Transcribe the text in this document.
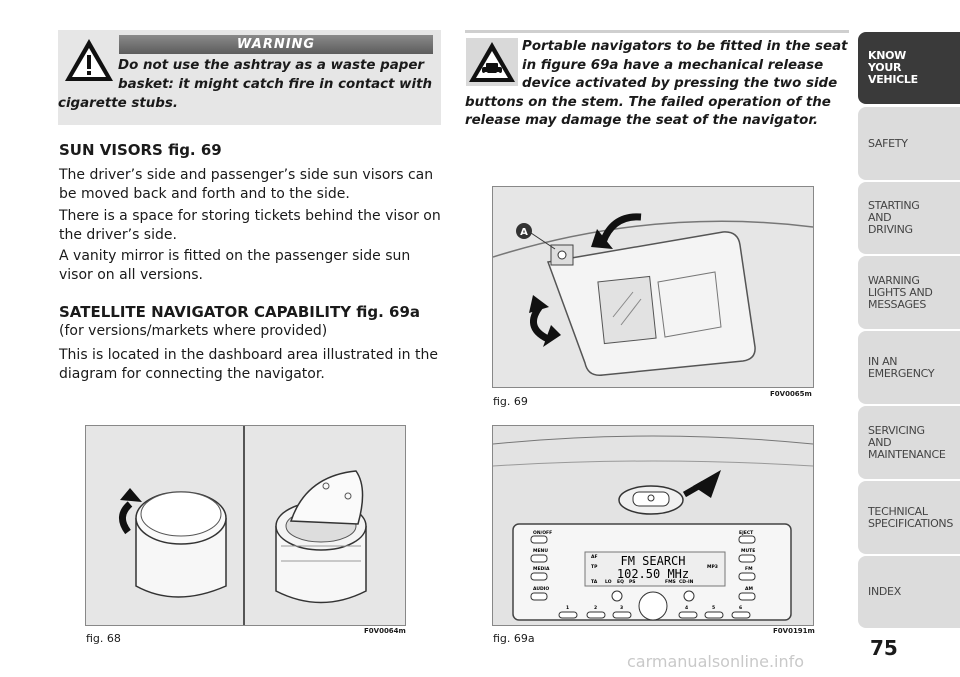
WARNING

Do not use the ashtray as a waste paper basket: it might catch fire in contact with cigarette stubs.

SUN VISORS fig. 69

The driver’s side and passenger’s side sun visors can be moved back and forth and to the side.

There is a space for storing tickets behind the visor on the driver’s side.

A vanity mirror is fitted on the passenger side sun visor on all versions.

SATELLITE NAVIGATOR CAPABILITY fig. 69a

(for versions/markets where provided)

This is located in the dashboard area illustrated in the diagram for connecting the navigator.

Portable navigators to be fitted in the seat in figure 69a have a mechanical release device activated by pressing the two side buttons on the stem. The failed operation of the release may damage the seat of the navigator.

A
fig. 69
F0V0065m
fig. 68
F0V0064m
FM SEARCH
102.50 MHz
AF
TP	MP3
TA LO EQ PS	FMS CD-IN
ON/OFF	EJECT
MENU	MUTE
MEDIA	FM
AUDIO	AM
1	2	3	4	5	6
fig. 69a
F0V0191m
KNOW
YOUR
VEHICLE
SAFETY
STARTING
AND
DRIVING
WARNING
LIGHTS AND
MESSAGES
IN AN
EMERGENCY
SERVICING
AND
MAINTENANCE
TECHNICAL
SPECIFICATIONS
INDEX
75
carmanualsonline.info
